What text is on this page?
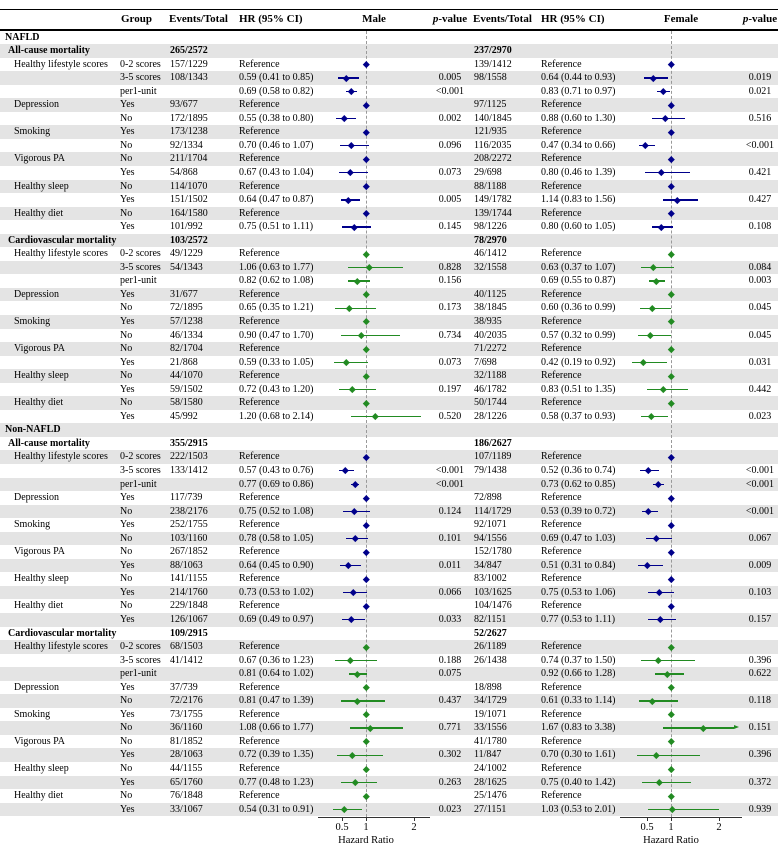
Group	Events/Total	HR (95% CI)	Male	p-value Events/Total HR (95% CI)	Female	p-value
NAFLD
All-cause mortality	265/2572	237/2970
Healthy lifestyle scores	0-2 scores 157/1229	Reference	139/1412	Reference
3-5 scores 108/1343	0.59 (0.41 to 0.85)	0.005	98/1558	0.64 (0.44 to 0.93)	0.019
per1-unit	0.69 (0.58 to 0.82)	<0.001	0.83 (0.71 to 0.97)	0.021
Depression	Yes	93/677	Reference	97/1125	Reference
No	172/1895	0.55 (0.38 to 0.80)	0.002	140/1845	0.88 (0.60 to 1.30)	0.516
Smoking	Yes	173/1238	Reference	121/935	Reference
No	92/1334	0.70 (0.46 to 1.07)	0.096	116/2035	0.47 (0.34 to 0.66)	<0.001
Vigorous PA	No	211/1704	Reference	208/2272	Reference
Yes	54/868	0.67 (0.43 to 1.04)	0.073	29/698	0.80 (0.46 to 1.39)	0.421
Healthy sleep	No	114/1070	Reference	88/1188	Reference
Yes	151/1502	0.64 (0.47 to 0.87)	0.005	149/1782	1.14 (0.83 to 1.56)	0.427
Healthy diet	No	164/1580	Reference	139/1744	Reference
Yes	101/992	0.75 (0.51 to 1.11)	0.145	98/1226	0.80 (0.60 to 1.05)	0.108
Cardiovascular mortality	103/2572	78/2970
Healthy lifestyle scores	0-2 scores 49/1229	Reference	46/1412	Reference
3-5 scores 54/1343	1.06 (0.63 to 1.77)	0.828	32/1558	0.63 (0.37 to 1.07)	0.084
per1-unit	0.82 (0.62 to 1.08)	0.156	0.69 (0.55 to 0.87)	0.003
Depression	Yes	31/677	Reference	40/1125	Reference
No	72/1895	0.65 (0.35 to 1.21)	0.173	38/1845	0.60 (0.36 to 0.99)	0.045
Smoking	Yes	57/1238	Reference	38/935	Reference
No	46/1334	0.90 (0.47 to 1.70)	0.734	40/2035	0.57 (0.32 to 0.99)	0.045
Vigorous PA	No	82/1704	Reference	71/2272	Reference
Yes	21/868	0.59 (0.33 to 1.05)	0.073	7/698	0.42 (0.19 to 0.92)	0.031
Healthy sleep	No	44/1070	Reference	32/1188	Reference
Yes	59/1502	0.72 (0.43 to 1.20)	0.197	46/1782	0.83 (0.51 to 1.35)	0.442
Healthy diet	No	58/1580	Reference	50/1744	Reference
Yes	45/992	1.20 (0.68 to 2.14)	0.520	28/1226	0.58 (0.37 to 0.93)	0.023
Non-NAFLD
All-cause mortality	355/2915	186/2627
Healthy lifestyle scores	0-2 scores 222/1503	Reference	107/1189	Reference
3-5 scores 133/1412	0.57 (0.43 to 0.76)	<0.001 79/1438	0.52 (0.36 to 0.74)	<0.001
per1-unit	0.77 (0.69 to 0.86)	<0.001	0.73 (0.62 to 0.85)	<0.001
Depression	Yes	117/739	Reference	72/898	Reference
No	238/2176	0.75 (0.52 to 1.08)	0.124	114/1729	0.53 (0.39 to 0.72)	<0.001
Smoking	Yes	252/1755	Reference	92/1071	Reference
No	103/1160	0.78 (0.58 to 1.05)	0.101	94/1556	0.69 (0.47 to 1.03)	0.067
Vigorous PA	No	267/1852	Reference	152/1780	Reference
Yes	88/1063	0.64 (0.45 to 0.90)	0.011	34/847	0.51 (0.31 to 0.84)	0.009
Healthy sleep	No	141/1155	Reference	83/1002	Reference
Yes	214/1760	0.73 (0.53 to 1.02)	0.066	103/1625	0.75 (0.53 to 1.06)	0.103
Healthy diet	No	229/1848	Reference	104/1476	Reference
Yes	126/1067	0.69 (0.49 to 0.97)	0.033	82/1151	0.77 (0.53 to 1.11)	0.157
Cardiovascular mortality	109/2915	52/2627
Healthy lifestyle scores	0-2 scores 68/1503	Reference	26/1189	Reference
3-5 scores 41/1412	0.67 (0.36 to 1.23)	0.188	26/1438	0.74 (0.37 to 1.50)	0.396
per1-unit	0.81 (0.64 to 1.02)	0.075	0.92 (0.66 to 1.28)	0.622
Depression	Yes	37/739	Reference	18/898	Reference
No	72/2176	0.81 (0.47 to 1.39)	0.437	34/1729	0.61 (0.33 to 1.14)	0.118
Smoking	Yes	73/1755	Reference	19/1071	Reference
No	36/1160	1.08 (0.66 to 1.77)	0.771	33/1556	1.67 (0.83 to 3.38)	0.151
Vigorous PA	No	81/1852	Reference	41/1780	Reference
Yes	28/1063	0.72 (0.39 to 1.35)	0.302	11/847	0.70 (0.30 to 1.61)	0.396
Healthy sleep	No	44/1155	Reference	24/1002	Reference
Yes	65/1760	0.77 (0.48 to 1.23)	0.263	28/1625	0.75 (0.40 to 1.42)	0.372
Healthy diet	No	76/1848	Reference	25/1476	Reference
Yes	33/1067	0.54 (0.31 to 0.91)	0.023	27/1151	1.03 (0.53 to 2.01)	0.939
0.5	1	2	0.5	1	2
Hazard Ratio	Hazard Ratio
